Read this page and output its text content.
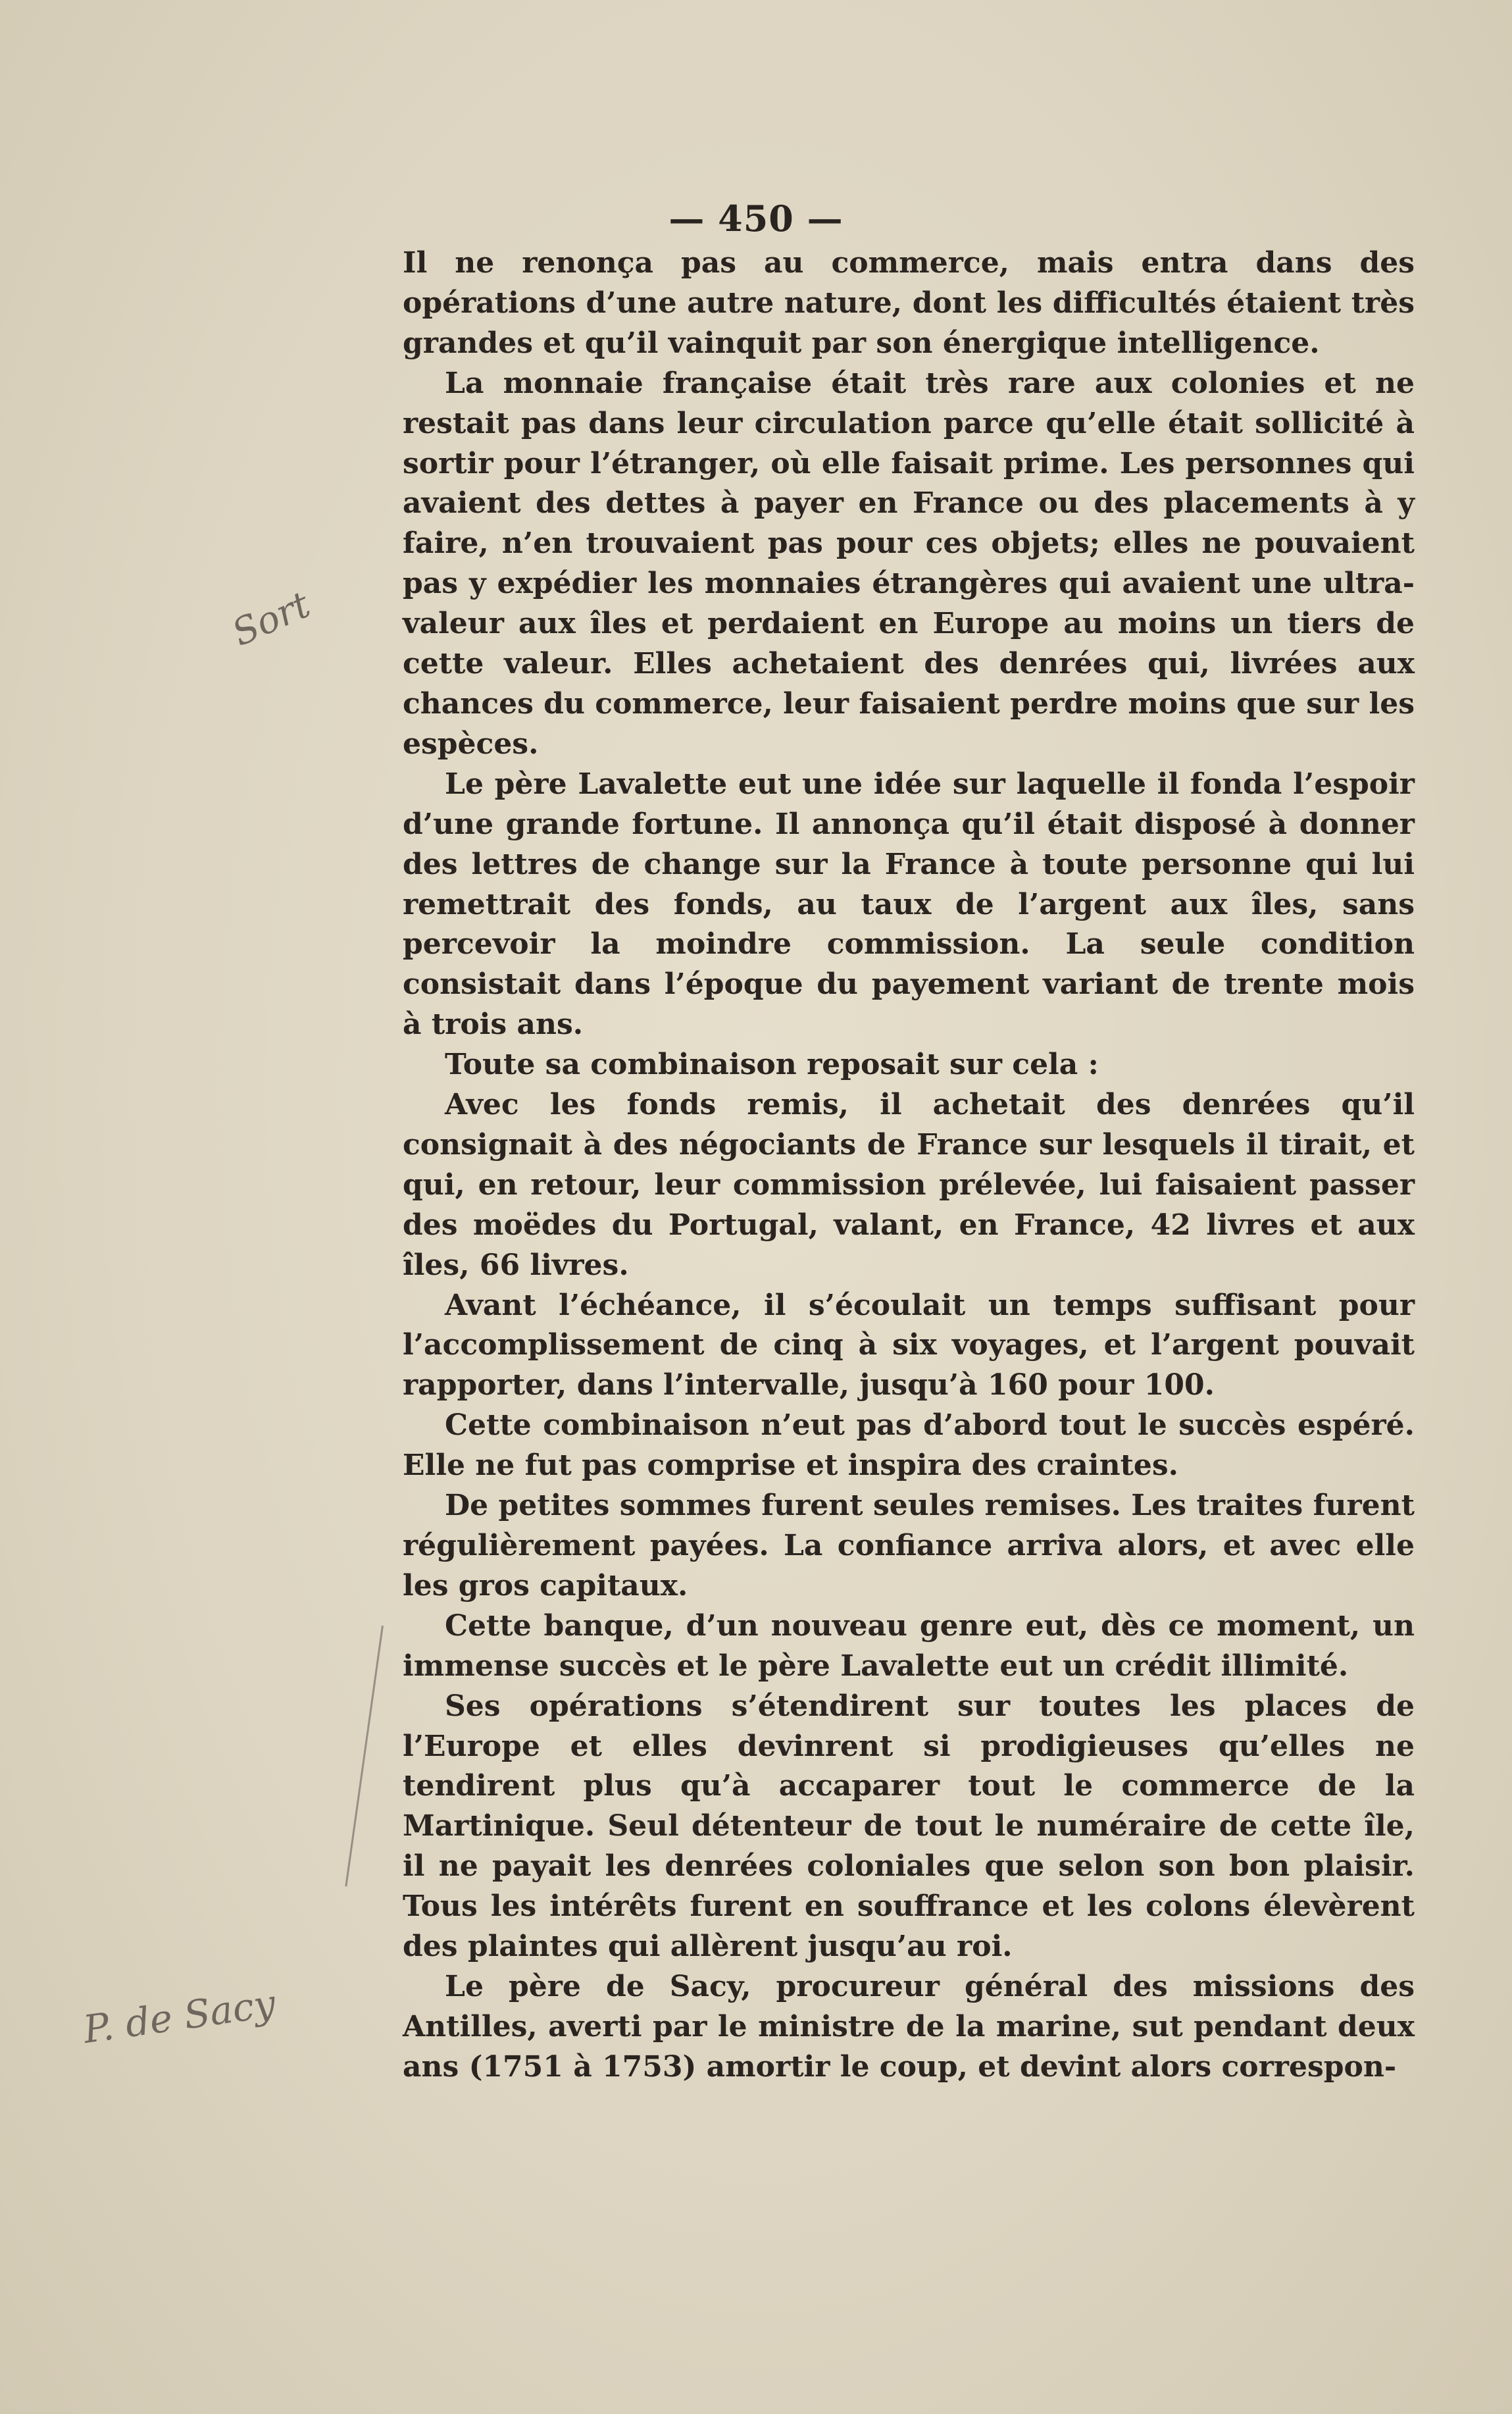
— 450 —

Il ne renonça pas au commerce, mais entra dans des opérations d’une autre nature, dont les difficultés étaient très grandes et qu’il vainquit par son énergique intelligence.

La monnaie française était très rare aux colonies et ne restait pas dans leur circulation parce qu’elle était sollicité à sortir pour l’étranger, où elle faisait prime. Les personnes qui avaient des dettes à payer en France ou des placements à y faire, n’en trouvaient pas pour ces objets; elles ne pouvaient pas y expédier les monnaies étrangères qui avaient une ultra-valeur aux îles et perdaient en Europe au moins un tiers de cette valeur. Elles achetaient des denrées qui, livrées aux chances du commerce, leur faisaient perdre moins que sur les espèces.

Le père Lavalette eut une idée sur laquelle il fonda l’espoir d’une grande fortune. Il annonça qu’il était disposé à donner des lettres de change sur la France à toute personne qui lui remettrait des fonds, au taux de l’argent aux îles, sans percevoir la moindre commission. La seule condition consistait dans l’époque du payement variant de trente mois à trois ans.

Toute sa combinaison reposait sur cela :

Avec les fonds remis, il achetait des denrées qu’il consignait à des négociants de France sur lesquels il tirait, et qui, en retour, leur commission prélevée, lui faisaient passer des moëdes du Portugal, valant, en France, 42 livres et aux îles, 66 livres.

Avant l’échéance, il s’écoulait un temps suffisant pour l’accomplissement de cinq à six voyages, et l’argent pouvait rapporter, dans l’intervalle, jusqu’à 160 pour 100.

Cette combinaison n’eut pas d’abord tout le succès espéré. Elle ne fut pas comprise et inspira des craintes.

De petites sommes furent seules remises. Les traites furent régulièrement payées. La confiance arriva alors, et avec elle les gros capitaux.

Cette banque, d’un nouveau genre eut, dès ce moment, un immense succès et le père Lavalette eut un crédit illimité.

Ses opérations s’étendirent sur toutes les places de l’Europe et elles devinrent si prodigieuses qu’elles ne tendirent plus qu’à accaparer tout le commerce de la Martinique. Seul détenteur de tout le numéraire de cette île, il ne payait les denrées coloniales que selon son bon plaisir. Tous les intérêts furent en souffrance et les colons élevèrent des plaintes qui allèrent jusqu’au roi.

Le père de Sacy, procureur général des missions des Antilles, averti par le ministre de la marine, sut pendant deux ans (1751 à 1753) amortir le coup, et devint alors correspon-

Sort
P. de Sacy
